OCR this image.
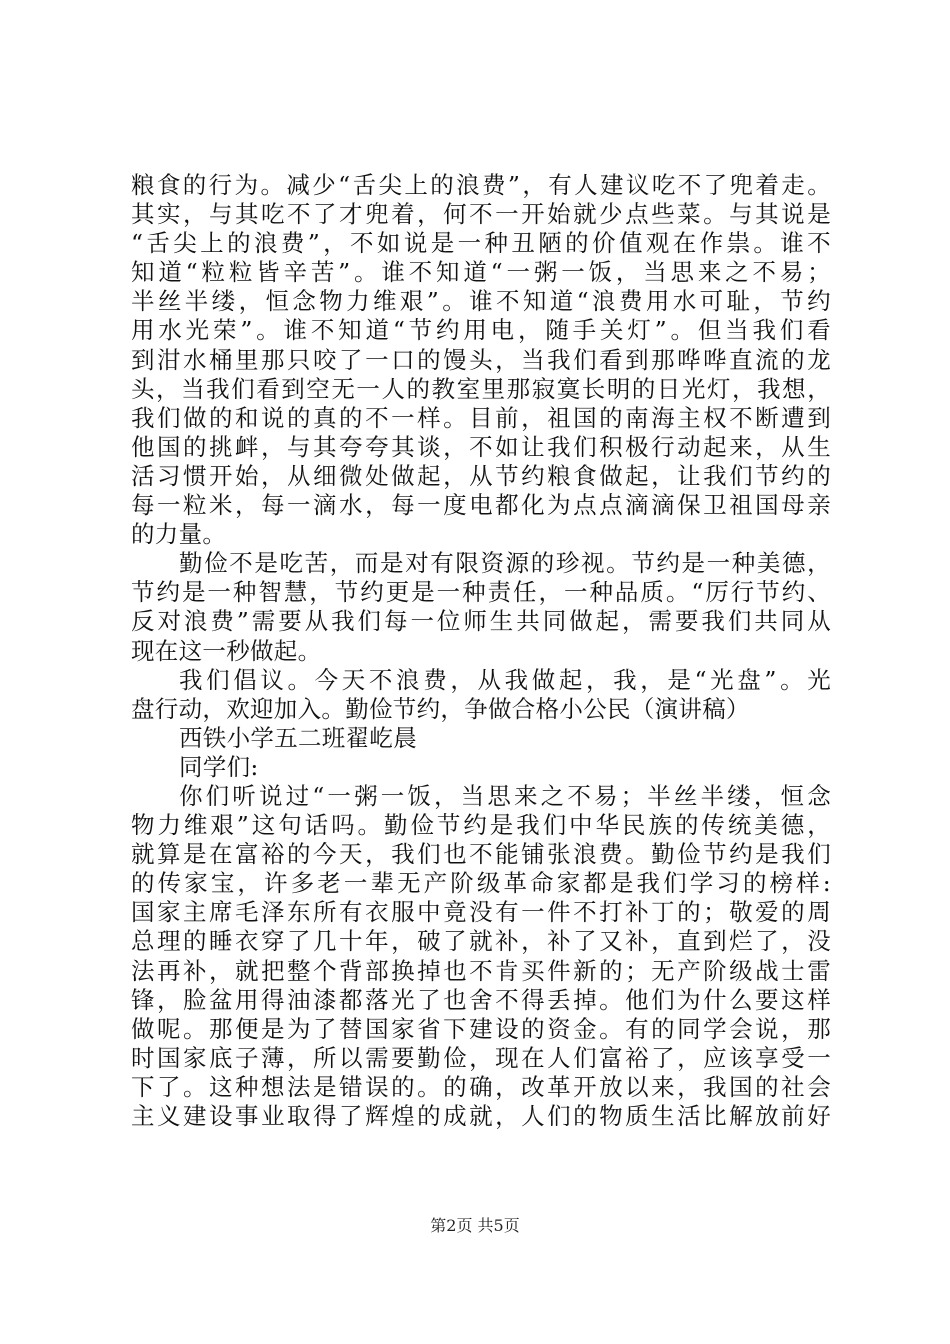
粮食的行为。减少“舌尖上的浪费”，有人建议吃不了兜着走。
其实，与其吃不了才兜着，何不一开始就少点些菜。与其说是
“舌尖上的浪费”，不如说是一种丑陋的价值观在作祟。谁不
知道“粒粒皆辛苦”。谁不知道“一粥一饭，当思来之不易；
半丝半缕，恒念物力维艰”。谁不知道“浪费用水可耻，节约
用水光荣”。谁不知道“节约用电，随手关灯”。但当我们看
到泔水桶里那只咬了一口的馒头，当我们看到那哗哗直流的龙
头，当我们看到空无一人的教室里那寂寞长明的日光灯，我想，
我们做的和说的真的不一样。目前，祖国的南海主权不断遭到
他国的挑衅，与其夸夸其谈，不如让我们积极行动起来，从生
活习惯开始，从细微处做起，从节约粮食做起，让我们节约的
每一粒米，每一滴水，每一度电都化为点点滴滴保卫祖国母亲
的力量。
勤俭不是吃苦，而是对有限资源的珍视。节约是一种美德，
节约是一种智慧，节约更是一种责任，一种品质。“厉行节约、
反对浪费”需要从我们每一位师生共同做起，需要我们共同从
现在这一秒做起。
我们倡议。今天不浪费，从我做起，我，是“光盘”。光
盘行动，欢迎加入。勤俭节约，争做合格小公民（演讲稿）
西铁小学五二班翟屹晨
同学们:
你们听说过“一粥一饭，当思来之不易；半丝半缕，恒念
物力维艰”这句话吗。勤俭节约是我们中华民族的传统美德，
就算是在富裕的今天，我们也不能铺张浪费。勤俭节约是我们
的传家宝，许多老一辈无产阶级革命家都是我们学习的榜样:
国家主席毛泽东所有衣服中竟没有一件不打补丁的；敬爱的周
总理的睡衣穿了几十年，破了就补，补了又补，直到烂了，没
法再补，就把整个背部换掉也不肯买件新的；无产阶级战士雷
锋，脸盆用得油漆都落光了也舍不得丢掉。他们为什么要这样
做呢。那便是为了替国家省下建设的资金。有的同学会说，那
时国家底子薄，所以需要勤俭，现在人们富裕了，应该享受一
下了。这种想法是错误的。的确，改革开放以来，我国的社会
主义建设事业取得了辉煌的成就，人们的物质生活比解放前好
第2页 共5页
